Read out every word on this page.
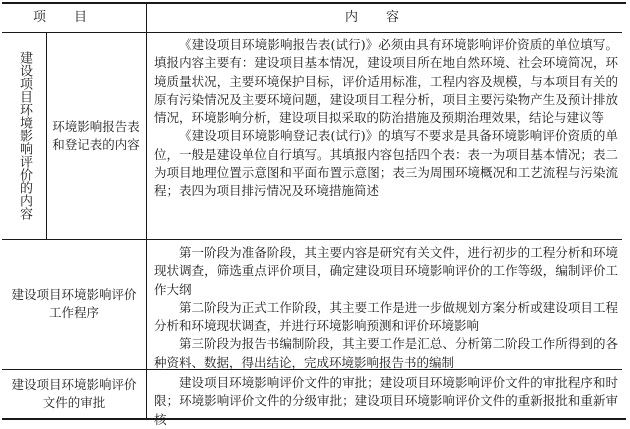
项目	内容
建设项目环境影响评价的内容	环境影响报告表和登记表的内容

《建设项目环境影响报告表(试行)》必须由具有环境影响评价资质的单位填写。填报内容主要有：建设项目基本情况，建设项目所在地自然环境、社会环境简况，环境质量状况，主要环境保护目标，评价适用标准，工程内容及规模，与本项目有关的原有污染情况及主要环境问题，建设项目工程分析，项目主要污染物产生及预计排放情况，环境影响分析，建设项目拟采取的防治措施及预期治理效果，结论与建议等

《建设项目环境影响登记表(试行)》的填写不要求是具备环境影响评价资质的单位，一般是建设单位自行填写。其填报内容包括四个表：表一为项目基本情况；表二为项目地理位置示意图和平面布置示意图；表三为周围环境概况和工艺流程与污染流程；表四为项目排污情况及环境措施简述

建设项目环境影响评价工作程序

第一阶段为准备阶段，其主要内容是研究有关文件，进行初步的工程分析和环境现状调查，筛选重点评价项目，确定建设项目环境影响评价的工作等级，编制评价工作大纲

第二阶段为正式工作阶段，其主要工作是进一步做规划方案分析或建设项目工程分析和环境现状调查，并进行环境影响预测和评价环境影响

第三阶段为报告书编制阶段，其主要工作是汇总、分析第二阶段工作所得到的各种资料、数据，得出结论，完成环境影响报告书的编制

建设项目环境影响评价文件的审批

建设项目环境影响评价文件的审批；建设项目环境影响评价文件的审批程序和时限；环境影响评价文件的分级审批；建设项目环境影响评价文件的重新报批和重新审核
